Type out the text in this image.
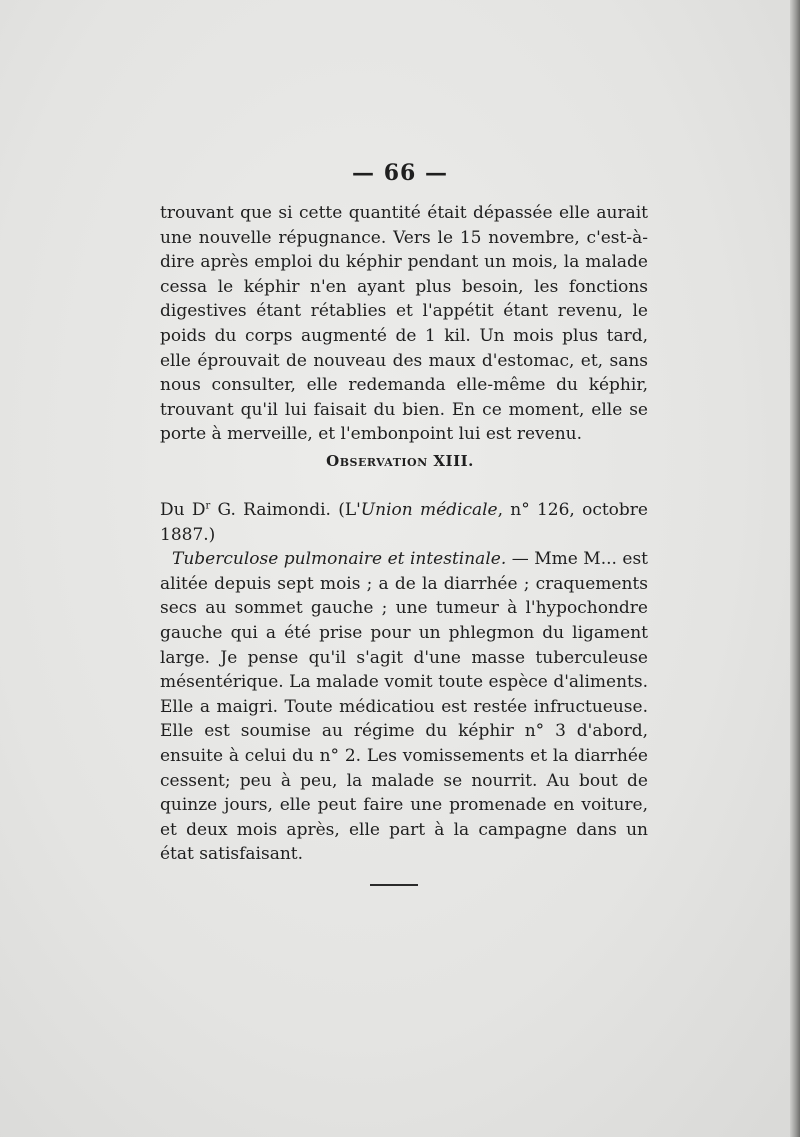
— 66 —

trouvant que si cette quantité était dépassée elle aurait une nouvelle répugnance. Vers le 15 novembre, c'est-à-dire après emploi du képhir pendant un mois, la malade cessa le képhir n'en ayant plus besoin, les fonctions digestives étant rétablies et l'appétit étant revenu, le poids du corps augmenté de 1 kil. Un mois plus tard, elle éprouvait de nouveau des maux d'estomac, et, sans nous consulter, elle redemanda elle-même du képhir, trouvant qu'il lui faisait du bien. En ce moment, elle se porte à merveille, et l'embonpoint lui est revenu.

Observation XIII.

Du $D^r$ G. Raimondi. (L'Union médicale, n° 126, octobre 1887.)

Tuberculose pulmonaire et intestinale. — Mme M... est alitée depuis sept mois ; a de la diarrhée ; craquements secs au sommet gauche ; une tumeur à l'hypochondre gauche qui a été prise pour un phlegmon du ligament large. Je pense qu'il s'agit d'une masse tuberculeuse mésentérique. La malade vomit toute espèce d'aliments. Elle a maigri. Toute médicatiou est restée infructueuse. Elle est soumise au régime du képhir n° 3 d'abord, ensuite à celui du n° 2. Les vomissements et la diarrhée cessent; peu à peu, la malade se nourrit. Au bout de quinze jours, elle peut faire une promenade en voiture, et deux mois après, elle part à la campagne dans un état satisfaisant.
